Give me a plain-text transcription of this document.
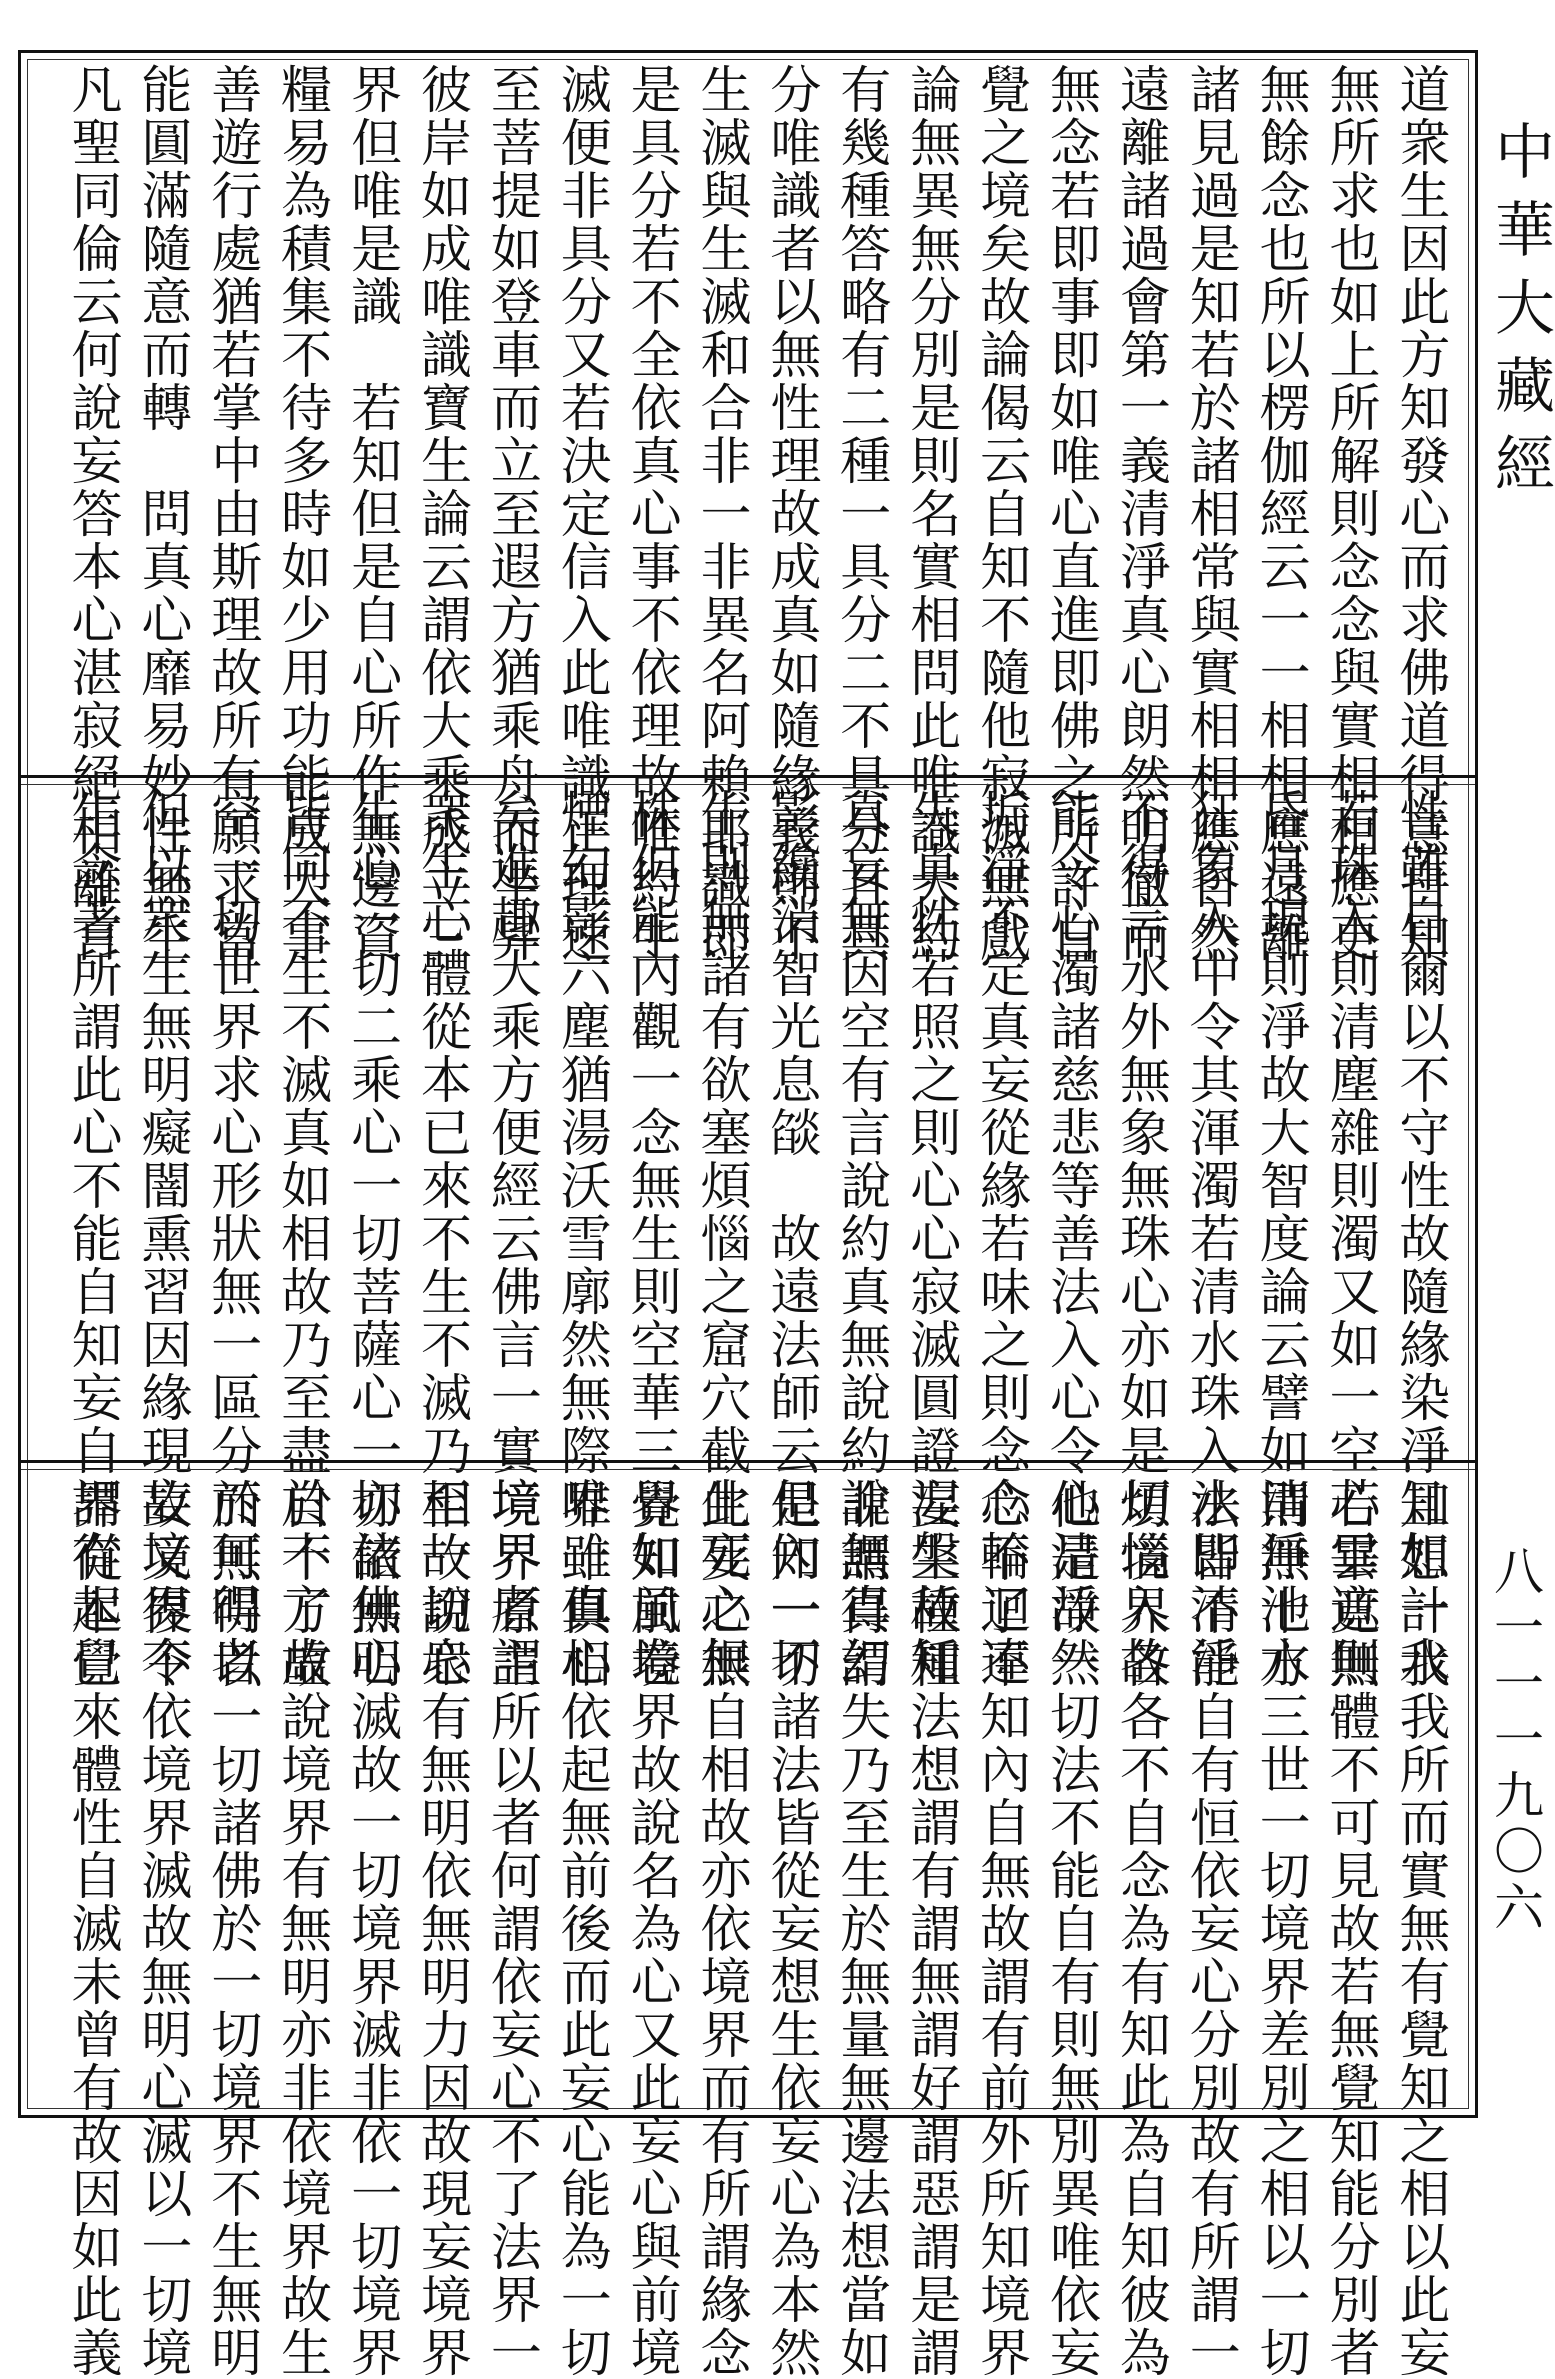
道衆生因此方知發心而求佛道得意自知
無所求也如上所解則念念與實相相應更
無餘念也所以楞伽經云一一相相應遠離
諸見過是知若於諸相常與實相相應自然
遠離諸過會第一義清淨真心朗然明徹而
無念若即事即如唯心直進即佛之所許自
覺之境矣故論偈云自知不隨他寂滅無戲
論無異無分別是則名實相問此唯識大約
有幾種答略有二種一具分二不具分且具
分唯識者以無性理故成真如隨緣義則不
生滅與生滅和合非一非異名阿賴耶識即
是具分若不全依真心事不依理故唯約生
滅便非具分又若決定信入此唯識正理速
至菩提如登車而立至遐方猶乘舟而坐昇
彼岸如成唯識寶生論云謂依大乘成立三
界但唯是識　若知但是自心所作無邊資
糧易為積集不待多時如少用功能成大事
善遊行處猶若掌中由斯理故所有願求當
能圓滿隨意而轉　問真心靡易妙性無生
凡聖同倫云何說妄答本心湛寂絕相離言
性雖自爾以不守性故隨緣染淨且如一水
若珠入則清塵雜則濁又如一空若雲遮則
昏月現則淨故大智度論云譬如清淨池水
狂象入中令其渾濁若清水珠入水即清淨
不得言水外無象無珠心亦如是煩惱入故
能令心濁諸慈悲等善法入心令心清淨然
垢淨不定真妄從緣若味之則念念輪迴違
失真性若照之則心心寂滅圓證涅槃故知
真妄無因空有言說約真無說約說無真幻
影纔消智光息燄　故遠法師云但內一不
生則無諸有欲塞煩惱之窟穴截生死之根
株但能內觀一念無生則空華三界如風卷
煙幻影六塵猶湯沃雪廓然無際唯一真心
矣進趣大乘方便經云佛言一實境界者謂
衆生心體從本已來不生不滅乃至一切衆
生心一切二乘心一切菩薩心一切諸佛心
皆同不生不滅真如相故乃至盡於十方虛
空一切世界求心形狀無一區分而可得者
但以衆生無明癡闇熏習因緣現妄境界令
生念著所謂此心不能自知妄自謂有起覺
知想計我我所而實無有覺知之相以此妄
心畢竟無體不可見故若無覺知能分別者
則無十方三世一切境界差別之相以一切
法皆不能自有恒依妄心分別故有所謂一
切境界各各不自念為有知此為自知彼為
他是故一切法不能自有則無別異唯依妄
心不了不知內自無故謂有前外所知境界
妄生種種法想謂有謂無謂好謂惡謂是謂
非謂得謂失乃至生於無量無邊法想當如
是知一切諸法皆從妄想生依妄心為本然
此妄心無自相故亦依境界而有所謂緣念
覺知前境界故說名為心又此妄心與前境
界雖俱相依起無前後而此妄心能為一切
境界原主所以者何謂依妄心不了法界一
相故說心有無明依無明力因故現妄境界
亦依無明滅故一切境界滅非依一切境界
自不了故說境界有無明亦非依境界故生
於無明以一切諸佛於一切境界不生無明
故又復不依境界滅故無明心滅以一切境
界從本已來體性自滅未曾有故因如此義
中華大藏經
八一一一九〇六
